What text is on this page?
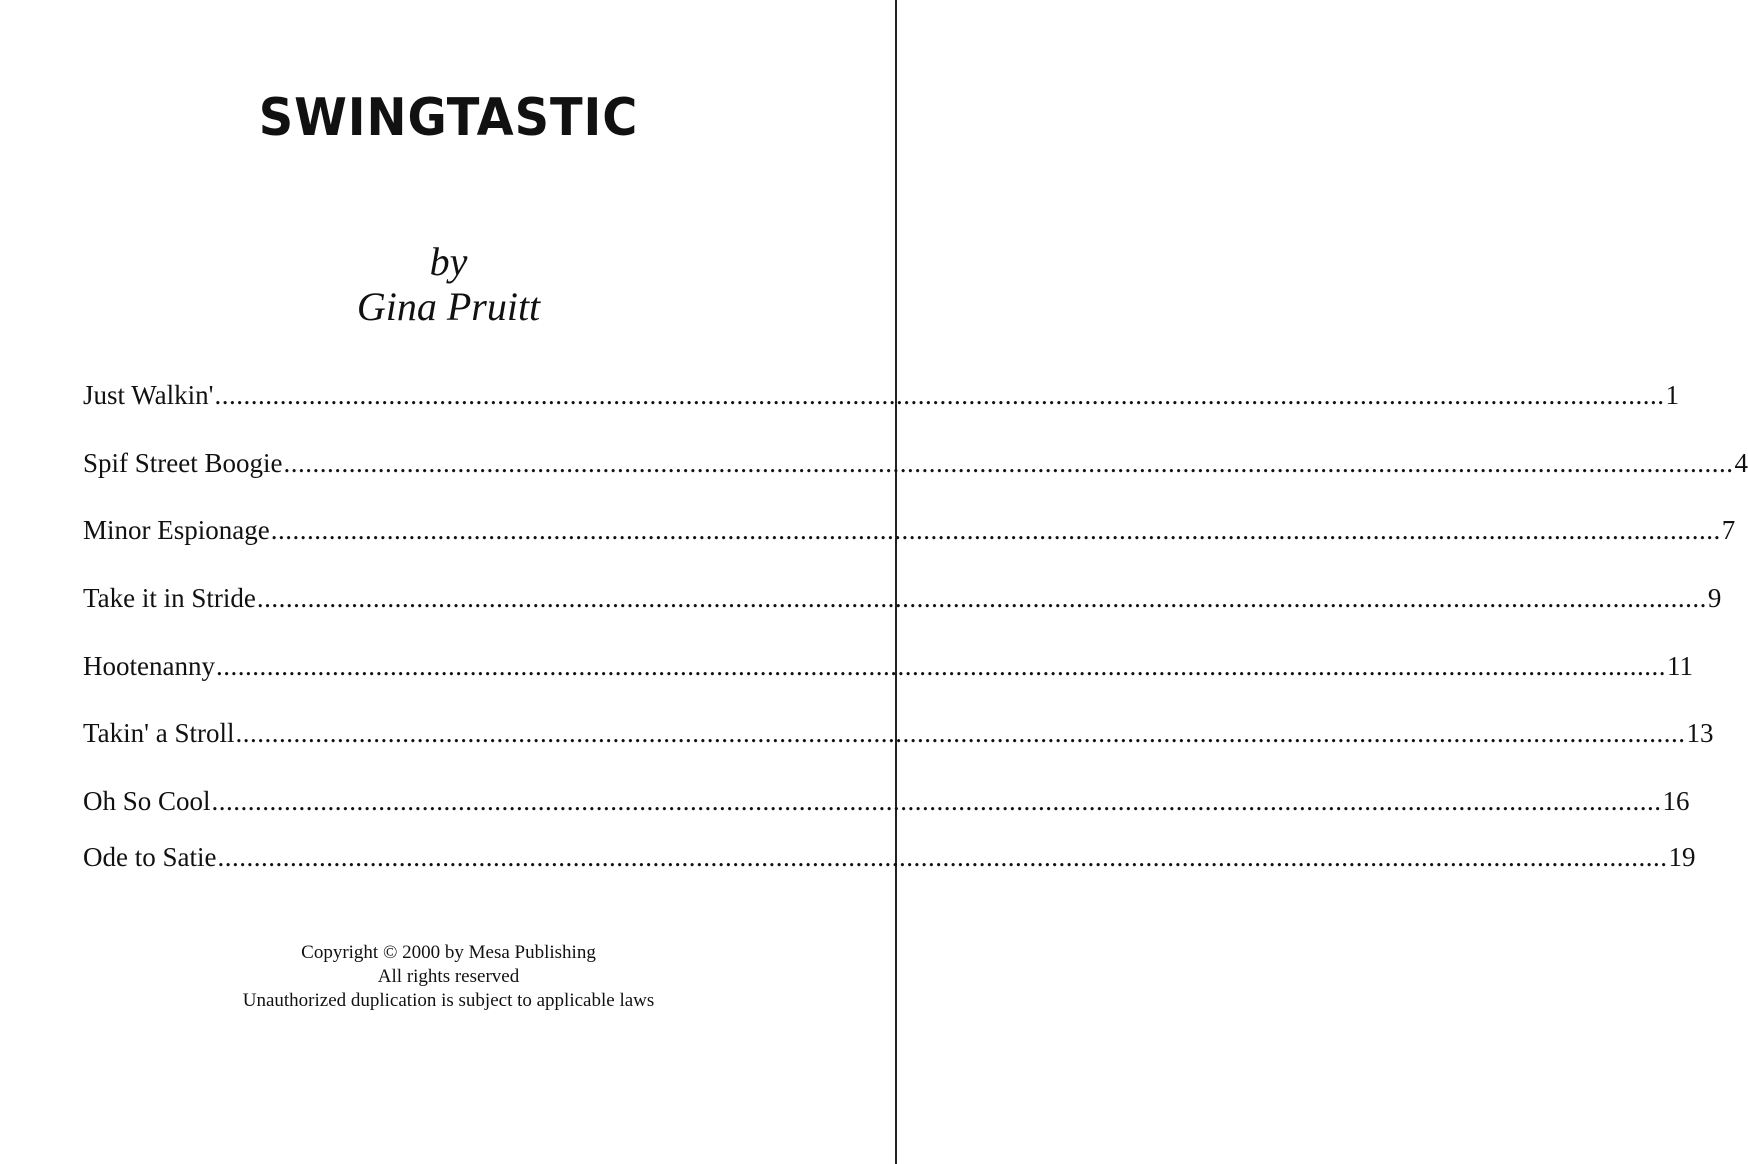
SWINGTASTIC
by
Gina Pruitt
Just Walkin' ........................................................................................................................................................................................................ 1
Spif Street Boogie ........................................................................................................................................................................................................ 4
Minor Espionage ........................................................................................................................................................................................................ 7
Take it in Stride ........................................................................................................................................................................................................ 9
Hootenanny ........................................................................................................................................................................................................ 11
Takin' a Stroll ........................................................................................................................................................................................................ 13
Oh So Cool ........................................................................................................................................................................................................ 16
Ode to Satie ........................................................................................................................................................................................................ 19
Copyright © 2000 by Mesa Publishing
All rights reserved
Unauthorized duplication is subject to applicable laws
